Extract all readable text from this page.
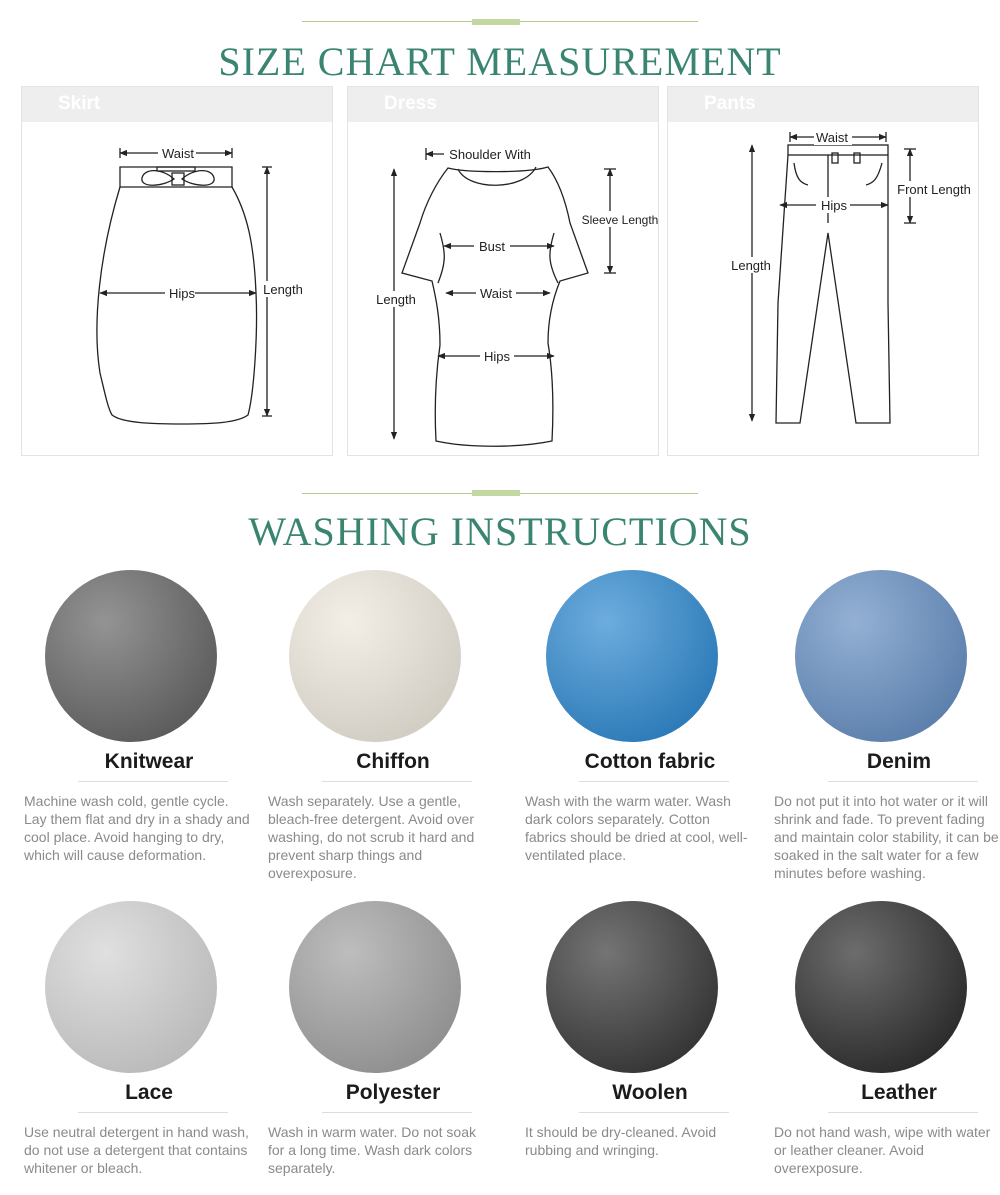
SIZE CHART MEASUREMENT
Skirt
Waist
Hips	Length
Dress
Shoulder With
Sleeve Length
Bust
Length	Waist
Hips
Pants
Waist
Front Length
Hips
Length
WASHING INSTRUCTIONS
Knitwear
Machine wash cold, gentle cycle. Lay them flat and dry in a shady and cool place. Avoid hanging to dry, which will cause deformation.
Chiffon
Wash separately. Use a gentle, bleach-free detergent. Avoid over washing, do not scrub it hard and prevent sharp things and overexposure.
Cotton fabric
Wash with the warm water. Wash dark colors separately. Cotton fabrics should be dried at cool, well-ventilated place.
Denim
Do not put it into hot water or it will shrink and fade. To prevent fading and maintain color stability, it can be soaked in the salt water for a few minutes before washing.
Lace
Use neutral detergent in hand wash, do not use a detergent that contains whitener or bleach.
Polyester
Wash in warm water. Do not soak for a long time. Wash dark colors separately.
Woolen
It should be dry-cleaned. Avoid rubbing and wringing.
Leather
Do not hand wash, wipe with water or leather cleaner. Avoid overexposure.
